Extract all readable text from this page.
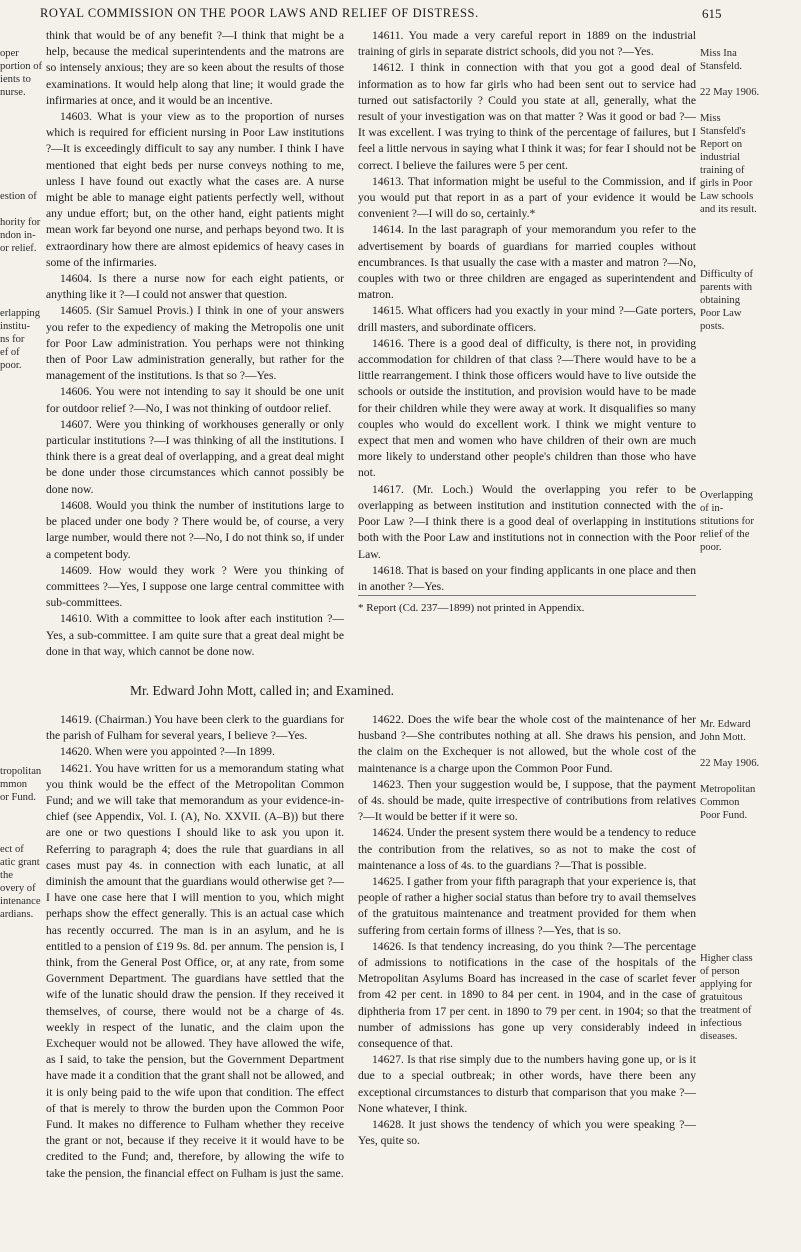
ROYAL COMMISSION ON THE POOR LAWS AND RELIEF OF DISTRESS.	615
oper
portion of
ients to
nurse.

estion of

hority for
ndon in-
or relief.

erlapping
institu-
ns for
ef of
poor.
tropolitan
mmon
or Fund.

ect of
atic grant
the
overy of
intenance
ardians.
Miss Ina
Stansfeld.

22 May 1906.

Miss
Stansfeld's
Report on
industrial
training of
girls in Poor
Law schools
and its result.

Difficulty of
parents with
obtaining
Poor Law
posts.

Overlapping
of in-
stitutions for
relief of the
poor.
Mr. Edward
John Mott.

22 May 1906.

Metropolitan
Common
Poor Fund.

Higher class
of person
applying for
gratuitous
treatment of
infectious
diseases.

think that would be of any benefit ?—I think that might be a help, because the medical superintendents and the matrons are so intensely anxious; they are so keen about the results of those examinations. It would help along that line; it would grade the infirmaries at once, and it would be an incentive.

14603. What is your view as to the proportion of nurses which is required for efficient nursing in Poor Law institutions ?—It is exceedingly difficult to say any number. I think I have mentioned that eight beds per nurse conveys nothing to me, unless I have found out exactly what the cases are. A nurse might be able to manage eight patients perfectly well, without any undue effort; but, on the other hand, eight patients might mean work far beyond one nurse, and perhaps beyond two. It is extraordinary how there are almost epidemics of heavy cases in some of the infirmaries.

14604. Is there a nurse now for each eight patients, or anything like it ?—I could not answer that question.

14605. (Sir Samuel Provis.) I think in one of your answers you refer to the expediency of making the Metropolis one unit for Poor Law administration. You perhaps were not thinking then of Poor Law administration generally, but rather for the management of the institutions. Is that so ?—Yes.

14606. You were not intending to say it should be one unit for outdoor relief ?—No, I was not thinking of outdoor relief.

14607. Were you thinking of workhouses generally or only particular institutions ?—I was thinking of all the institutions. I think there is a great deal of overlapping, and a great deal might be done under those circumstances which cannot possibly be done now.

14608. Would you think the number of institutions large to be placed under one body ? There would be, of course, a very large number, would there not ?—No, I do not think so, if under a competent body.

14609. How would they work ? Were you thinking of committees ?—Yes, I suppose one large central committee with sub-committees.

14610. With a committee to look after each institution ?—Yes, a sub-committee. I am quite sure that a great deal might be done in that way, which cannot be done now.

14611. You made a very careful report in 1889 on the industrial training of girls in separate district schools, did you not ?—Yes.

14612. I think in connection with that you got a good deal of information as to how far girls who had been sent out to service had turned out satisfactorily ? Could you state at all, generally, what the result of your investigation was on that matter ? Was it good or bad ?—It was excellent. I was trying to think of the percentage of failures, but I feel a little nervous in saying what I think it was; for fear I should not be correct. I believe the failures were 5 per cent.

14613. That information might be useful to the Commission, and if you would put that report in as a part of your evidence it would be convenient ?—I will do so, certainly.*

14614. In the last paragraph of your memorandum you refer to the advertisement by boards of guardians for married couples without encumbrances. Is that usually the case with a master and matron ?—No, couples with two or three children are engaged as superintendent and matron.

14615. What officers had you exactly in your mind ?—Gate porters, drill masters, and subordinate officers.

14616. There is a good deal of difficulty, is there not, in providing accommodation for children of that class ?—There would have to be a little rearrangement. I think those officers would have to live outside the schools or outside the institution, and provision would have to be made for their children while they were away at work. It disqualifies so many couples who would do excellent work. I think we might venture to expect that men and women who have children of their own are much more likely to understand other people's children than those who have not.

14617. (Mr. Loch.) Would the overlapping you refer to be overlapping as between institution and institution connected with the Poor Law ?—I think there is a good deal of overlapping in institutions both with the Poor Law and institutions not in connection with the Poor Law.

14618. That is based on your finding applicants in one place and then in another ?—Yes.

* Report (Cd. 237—1899) not printed in Appendix.

Mr. Edward John Mott, called in; and Examined.

14619. (Chairman.) You have been clerk to the guardians for the parish of Fulham for several years, I believe ?—Yes.

14620. When were you appointed ?—In 1899.

14621. You have written for us a memorandum stating what you think would be the effect of the Metropolitan Common Fund; and we will take that memorandum as your evidence-in-chief (see Appendix, Vol. I. (A), No. XXVII. (A–B)) but there are one or two questions I should like to ask you upon it. Referring to paragraph 4; does the rule that guardians in all cases must pay 4s. in connection with each lunatic, at all diminish the amount that the guardians would otherwise get ?—I have one case here that I will mention to you, which might perhaps show the effect generally. This is an actual case which has recently occurred. The man is in an asylum, and he is entitled to a pension of £19 9s. 8d. per annum. The pension is, I think, from the General Post Office, or, at any rate, from some Government Department. The guardians have settled that the wife of the lunatic should draw the pension. If they received it themselves, of course, there would not be a charge of 4s. weekly in respect of the lunatic, and the claim upon the Exchequer would not be allowed. They have allowed the wife, as I said, to take the pension, but the Government Department have made it a condition that the grant shall not be allowed, and it is only being paid to the wife upon that condition. The effect of that is merely to throw the burden upon the Common Poor Fund. It makes no difference to Fulham whether they receive the grant or not, because if they receive it it would have to be credited to the Fund; and, therefore, by allowing the wife to take the pension, the financial effect on Fulham is just the same.

14622. Does the wife bear the whole cost of the maintenance of her husband ?—She contributes nothing at all. She draws his pension, and the claim on the Exchequer is not allowed, but the whole cost of the maintenance is a charge upon the Common Poor Fund.

14623. Then your suggestion would be, I suppose, that the payment of 4s. should be made, quite irrespective of contributions from relatives ?—It would be better if it were so.

14624. Under the present system there would be a tendency to reduce the contribution from the relatives, so as not to make the cost of maintenance a loss of 4s. to the guardians ?—That is possible.

14625. I gather from your fifth paragraph that your experience is, that people of rather a higher social status than before try to avail themselves of the gratuitous maintenance and treatment provided for them when suffering from certain forms of illness ?—Yes, that is so.

14626. Is that tendency increasing, do you think ?—The percentage of admissions to notifications in the case of the hospitals of the Metropolitan Asylums Board has increased in the case of scarlet fever from 42 per cent. in 1890 to 84 per cent. in 1904, and in the case of diphtheria from 17 per cent. in 1890 to 79 per cent. in 1904; so that the number of admissions has gone up very considerably indeed in consequence of that.

14627. Is that rise simply due to the numbers having gone up, or is it due to a special outbreak; in other words, have there been any exceptional circumstances to disturb that comparison that you make ?—None whatever, I think.

14628. It just shows the tendency of which you were speaking ?—Yes, quite so.
